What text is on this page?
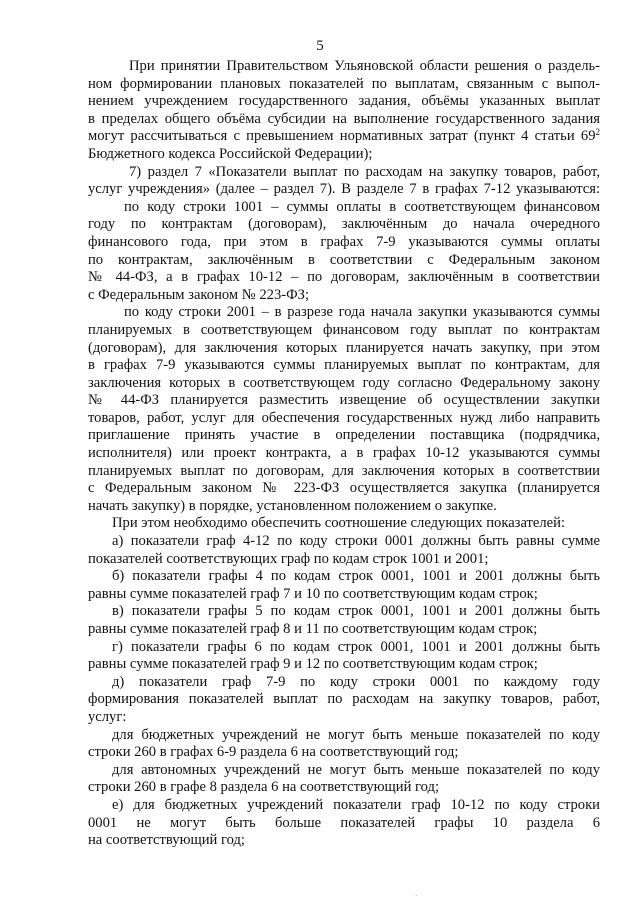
5
При принятии Правительством Ульяновской области решения о раздель-
ном формировании плановых показателей по выплатам, связанным с выпол-
нением учреждением государственного задания, объёмы указанных выплат
в пределах общего объёма субсидии на выполнение государственного задания
могут рассчитываться с превышением нормативных затрат (пункт 4 статьи $69^2$
Бюджетного кодекса Российской Федерации);
7) раздел 7 «Показатели выплат по расходам на закупку товаров, работ,
услуг учреждения» (далее – раздел 7). В разделе 7 в графах 7-12 указываются:
по коду строки 1001 – суммы оплаты в соответствующем финансовом
году по контрактам (договорам), заключённым до начала очередного
финансового года, при этом в графах 7-9 указываются суммы оплаты
по контрактам, заключённым в соответствии с Федеральным законом
№ 44-ФЗ, а в графах 10-12 – по договорам, заключённым в соответствии
с Федеральным законом № 223-ФЗ;
по коду строки 2001 – в разрезе года начала закупки указываются суммы
планируемых в соответствующем финансовом году выплат по контрактам
(договорам), для заключения которых планируется начать закупку, при этом
в графах 7-9 указываются суммы планируемых выплат по контрактам, для
заключения которых в соответствующем году согласно Федеральному закону
№ 44-ФЗ планируется разместить извещение об осуществлении закупки
товаров, работ, услуг для обеспечения государственных нужд либо направить
приглашение принять участие в определении поставщика (подрядчика,
исполнителя) или проект контракта, а в графах 10-12 указываются суммы
планируемых выплат по договорам, для заключения которых в соответствии
с Федеральным законом № 223-ФЗ осуществляется закупка (планируется
начать закупку) в порядке, установленном положением о закупке.
При этом необходимо обеспечить соотношение следующих показателей:
а) показатели граф 4-12 по коду строки 0001 должны быть равны сумме
показателей соответствующих граф по кодам строк 1001 и 2001;
б) показатели графы 4 по кодам строк 0001, 1001 и 2001 должны быть
равны сумме показателей граф 7 и 10 по соответствующим кодам строк;
в) показатели графы 5 по кодам строк 0001, 1001 и 2001 должны быть
равны сумме показателей граф 8 и 11 по соответствующим кодам строк;
г) показатели графы 6 по кодам строк 0001, 1001 и 2001 должны быть
равны сумме показателей граф 9 и 12 по соответствующим кодам строк;
д) показатели граф 7-9 по коду строки 0001 по каждому году
формирования показателей выплат по расходам на закупку товаров, работ,
услуг:
для бюджетных учреждений не могут быть меньше показателей по коду
строки 260 в графах 6-9 раздела 6 на соответствующий год;
для автономных учреждений не могут быть меньше показателей по коду
строки 260 в графе 8 раздела 6 на соответствующий год;
е) для бюджетных учреждений показатели граф 10-12 по коду строки
0001 не могут быть больше показателей графы 10 раздела 6
на соответствующий год;
·
